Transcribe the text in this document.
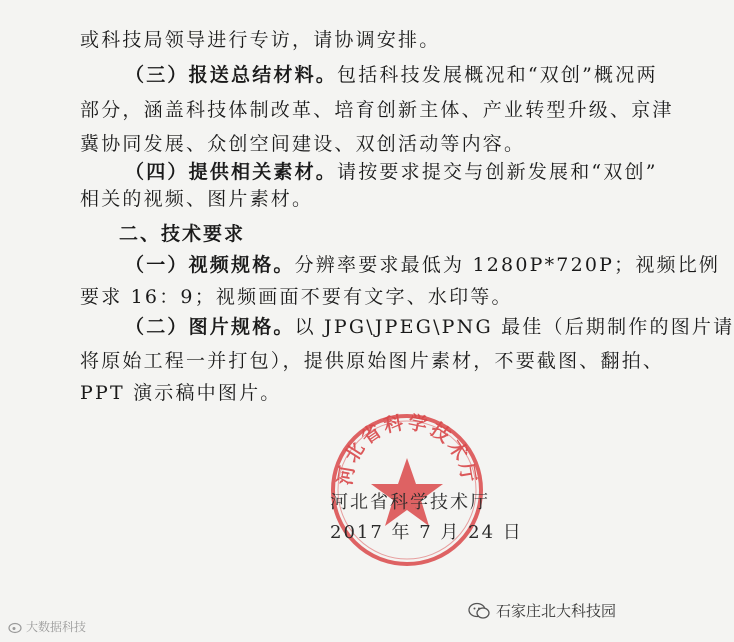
或科技局领导进行专访，请协调安排。
（三）报送总结材料。包括科技发展概况和“双创”概况两
部分，涵盖科技体制改革、培育创新主体、产业转型升级、京津
冀协同发展、众创空间建设、双创活动等内容。
（四）提供相关素材。请按要求提交与创新发展和“双创”
相关的视频、图片素材。
二、技术要求
（一）视频规格。分辨率要求最低为 1280P*720P；视频比例
要求 16：9；视频画面不要有文字、水印等。
（二）图片规格。以 JPG\JPEG\PNG 最佳（后期制作的图片请
将原始工程一并打包），提供原始图片素材，不要截图、翻拍、
PPT 演示稿中图片。
河北省科学技术厅
河北省科学技术厅
2017 年 7 月 24 日
大数据科技
石家庄北大科技园
